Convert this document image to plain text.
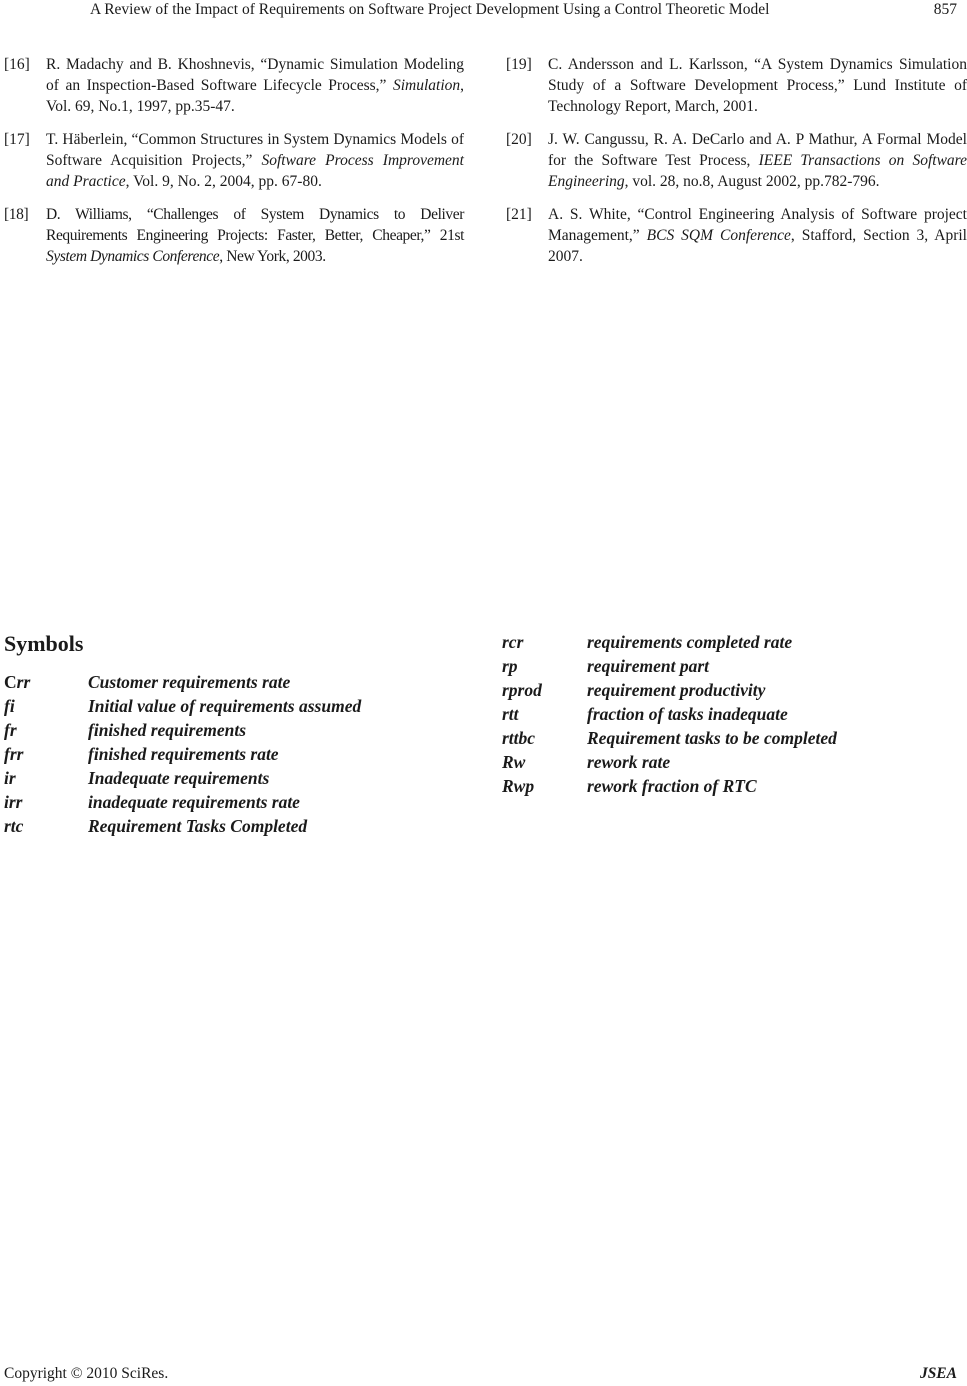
A Review of the Impact of Requirements on Software Project Development Using a Control Theoretic Model	857
[16] R. Madachy and B. Khoshnevis, “Dynamic Simulation Modeling of an Inspection-Based Software Lifecycle Process,” Simulation, Vol. 69, No.1, 1997, pp.35-47.
[17] T. Häberlein, “Common Structures in System Dynamics Models of Software Acquisition Projects,” Software Process Improvement and Practice, Vol. 9, No. 2, 2004, pp. 67-80.
[18] D. Williams, “Challenges of System Dynamics to Deliver Requirements Engineering Projects: Faster, Better, Cheaper,” 21st System Dynamics Conference, New York, 2003.
[19] C. Andersson and L. Karlsson, “A System Dynamics Simulation Study of a Software Development Process,” Lund Institute of Technology Report, March, 2001.
[20] J. W. Cangussu, R. A. DeCarlo and A. P Mathur, A Formal Model for the Software Test Process, IEEE Transactions on Software Engineering, vol. 28, no.8, August 2002, pp.782-796.
[21] A. S. White, “Control Engineering Analysis of Software project Management,” BCS SQM Conference, Stafford, Section 3, April 2007.
Symbols
Crr	Customer requirements rate
fi	Initial value of requirements assumed
fr	finished requirements
frr	finished requirements rate
ir	Inadequate requirements
irr	inadequate requirements rate
rtc	Requirement Tasks Completed
rcr	requirements completed rate
rp	requirement part
rprod	requirement productivity
rtt	fraction of tasks inadequate
rttbc	Requirement tasks to be completed
Rw	rework rate
Rwp	rework fraction of RTC
Copyright © 2010 SciRes.	JSEA
